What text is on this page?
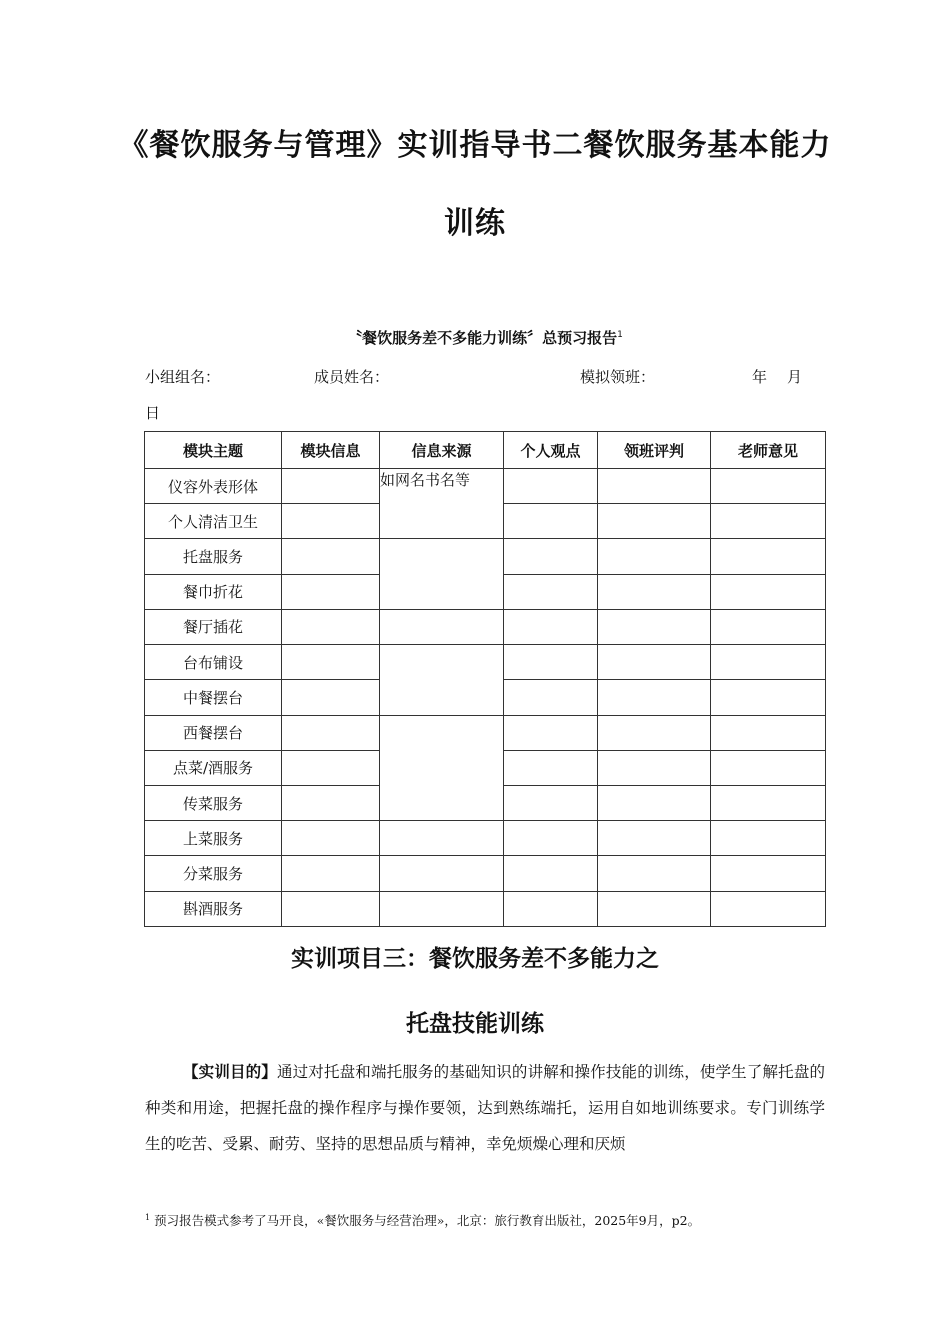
《餐饮服务与管理》实训指导书二餐饮服务基本能力
训练
〝餐饮服务差不多能力训练〞总预习报告$^1$
小组组名：	成员姓名：	模拟领班：	年 月
日
模块主题	模块信息	信息来源	个人观点	领班评判	老师意见
仪容外表形体		如网名书名等			
个人清洁卫生					
托盘服务					
餐巾折花					
餐厅插花					
台布铺设					
中餐摆台					
西餐摆台					
点菜/酒服务					
传菜服务					
上菜服务					
分菜服务					
斟酒服务					
实训项目三：餐饮服务差不多能力之
托盘技能训练
【实训目的】通过对托盘和端托服务的基础知识的讲解和操作技能的训练，使学生了解托盘的种类和用途，把握托盘的操作程序与操作要领，达到熟练端托，运用自如地训练要求。专门训练学生的吃苦、受累、耐劳、坚持的思想品质与精神，幸免烦燥心理和厌烦
$^1$ 预习报告模式参考了马开良，«餐饮服务与经营治理»，北京：旅行教育出版社，2025年9月，p2。
